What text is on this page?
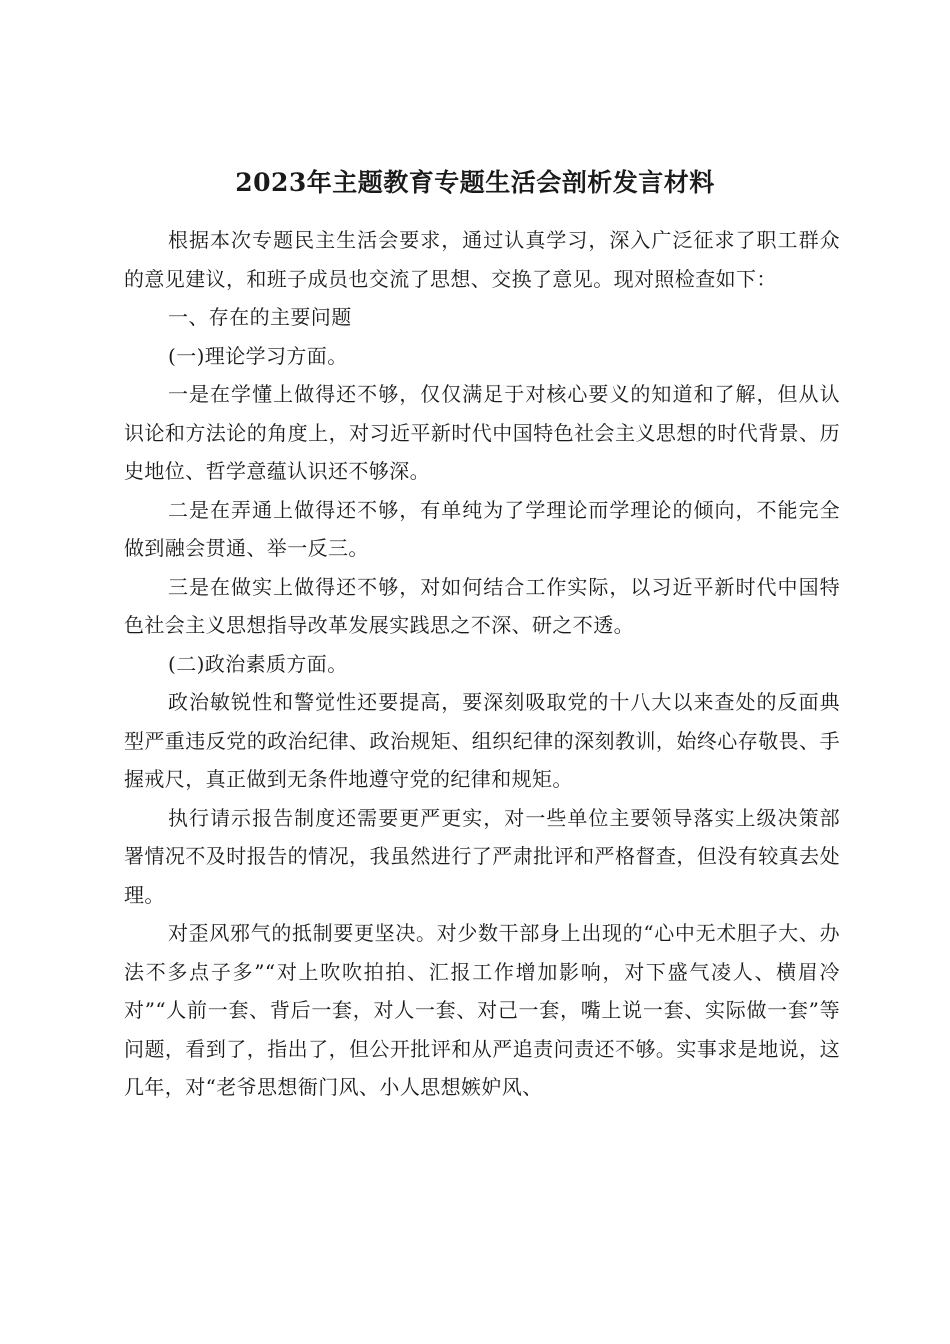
2023年主题教育专题生活会剖析发言材料

根据本次专题民主生活会要求，通过认真学习，深入广泛征求了职工群众的意见建议，和班子成员也交流了思想、交换了意见。现对照检查如下：

一、存在的主要问题

(一)理论学习方面。

一是在学懂上做得还不够，仅仅满足于对核心要义的知道和了解，但从认识论和方法论的角度上，对习近平新时代中国特色社会主义思想的时代背景、历史地位、哲学意蕴认识还不够深。

二是在弄通上做得还不够，有单纯为了学理论而学理论的倾向，不能完全做到融会贯通、举一反三。

三是在做实上做得还不够，对如何结合工作实际，以习近平新时代中国特色社会主义思想指导改革发展实践思之不深、研之不透。

(二)政治素质方面。

政治敏锐性和警觉性还要提高，要深刻吸取党的十八大以来查处的反面典型严重违反党的政治纪律、政治规矩、组织纪律的深刻教训，始终心存敬畏、手握戒尺，真正做到无条件地遵守党的纪律和规矩。

执行请示报告制度还需要更严更实，对一些单位主要领导落实上级决策部署情况不及时报告的情况，我虽然进行了严肃批评和严格督查，但没有较真去处理。

对歪风邪气的抵制要更坚决。对少数干部身上出现的“心中无术胆子大、办法不多点子多”“对上吹吹拍拍、汇报工作增加影响，对下盛气凌人、横眉冷对”“人前一套、背后一套，对人一套、对己一套，嘴上说一套、实际做一套”等问题，看到了，指出了，但公开批评和从严追责问责还不够。实事求是地说，这几年，对“老爷思想衙门风、小人思想嫉妒风、
